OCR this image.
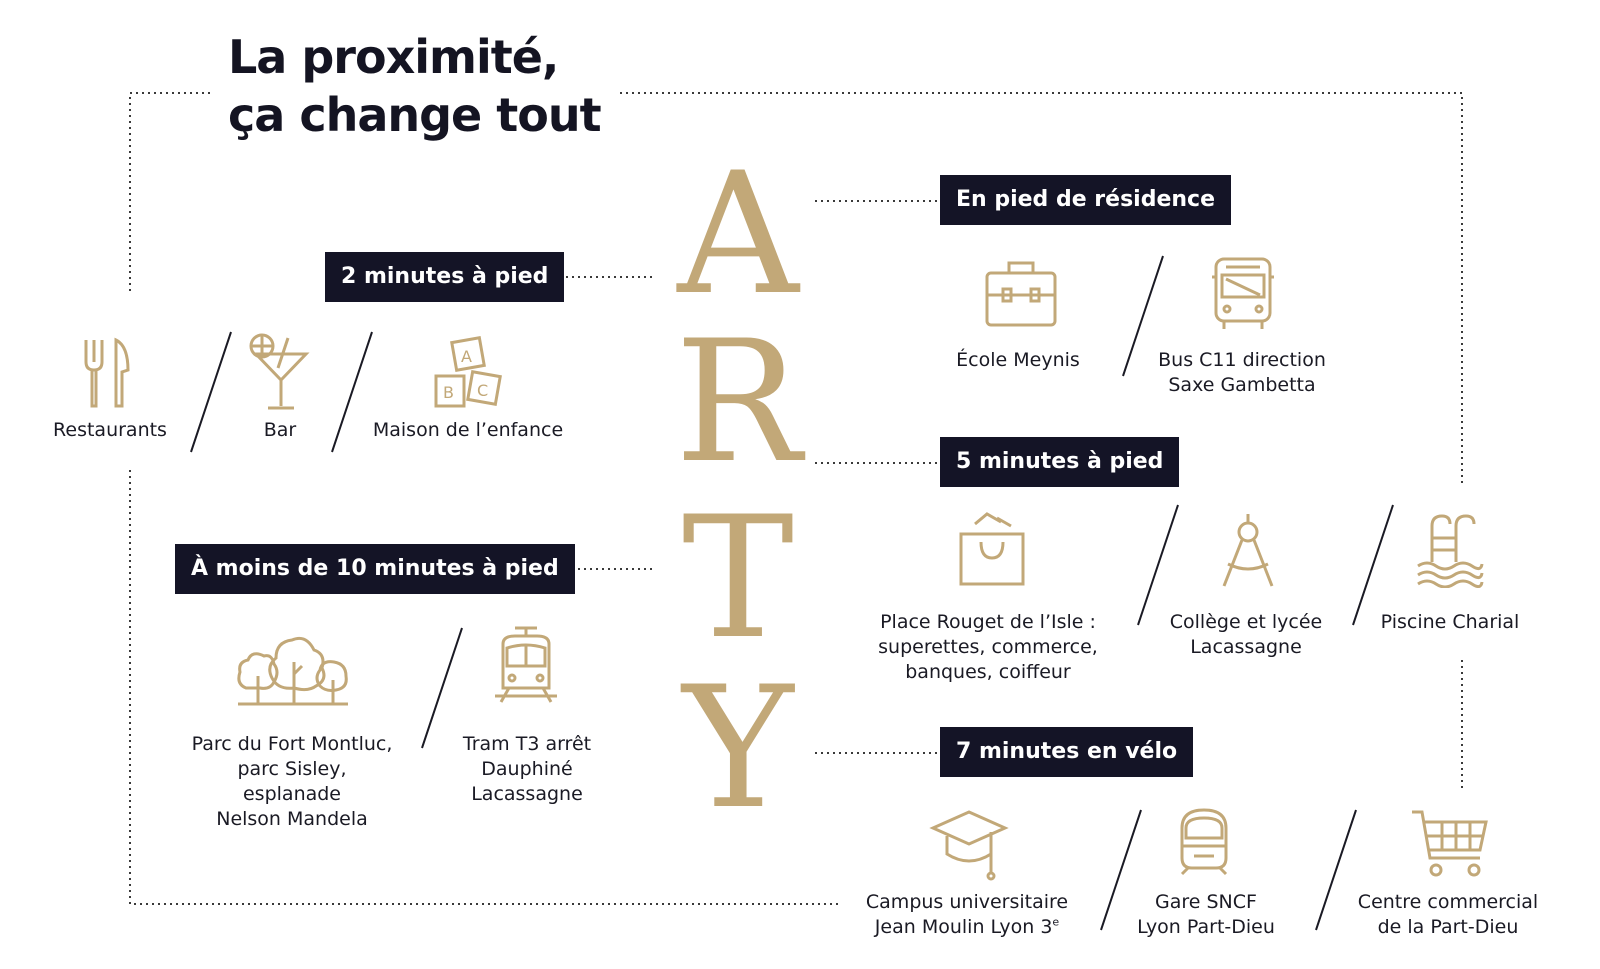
La proximité,
ça change tout
A
R
T
Y
En pied de résidence
2 minutes à pied
5 minutes à pied
À moins de 10 minutes à pied
7 minutes en vélo
A
B C
École Meynis	Bus C11 direction
Saxe Gambetta
Restaurants	Bar	Maison de l’enfance
Place Rouget de l’Isle :
superettes, commerce,
banques, coiffeur
Collège et lycée
Lacassagne
Piscine Charial
Parc du Fort Montluc,
parc Sisley,
esplanade
Nelson Mandela
Tram T3 arrêt
Dauphiné
Lacassagne
Campus universitaire
Jean Moulin Lyon 3e
Gare SNCF
Lyon Part-Dieu
Centre commercial
de la Part-Dieu
